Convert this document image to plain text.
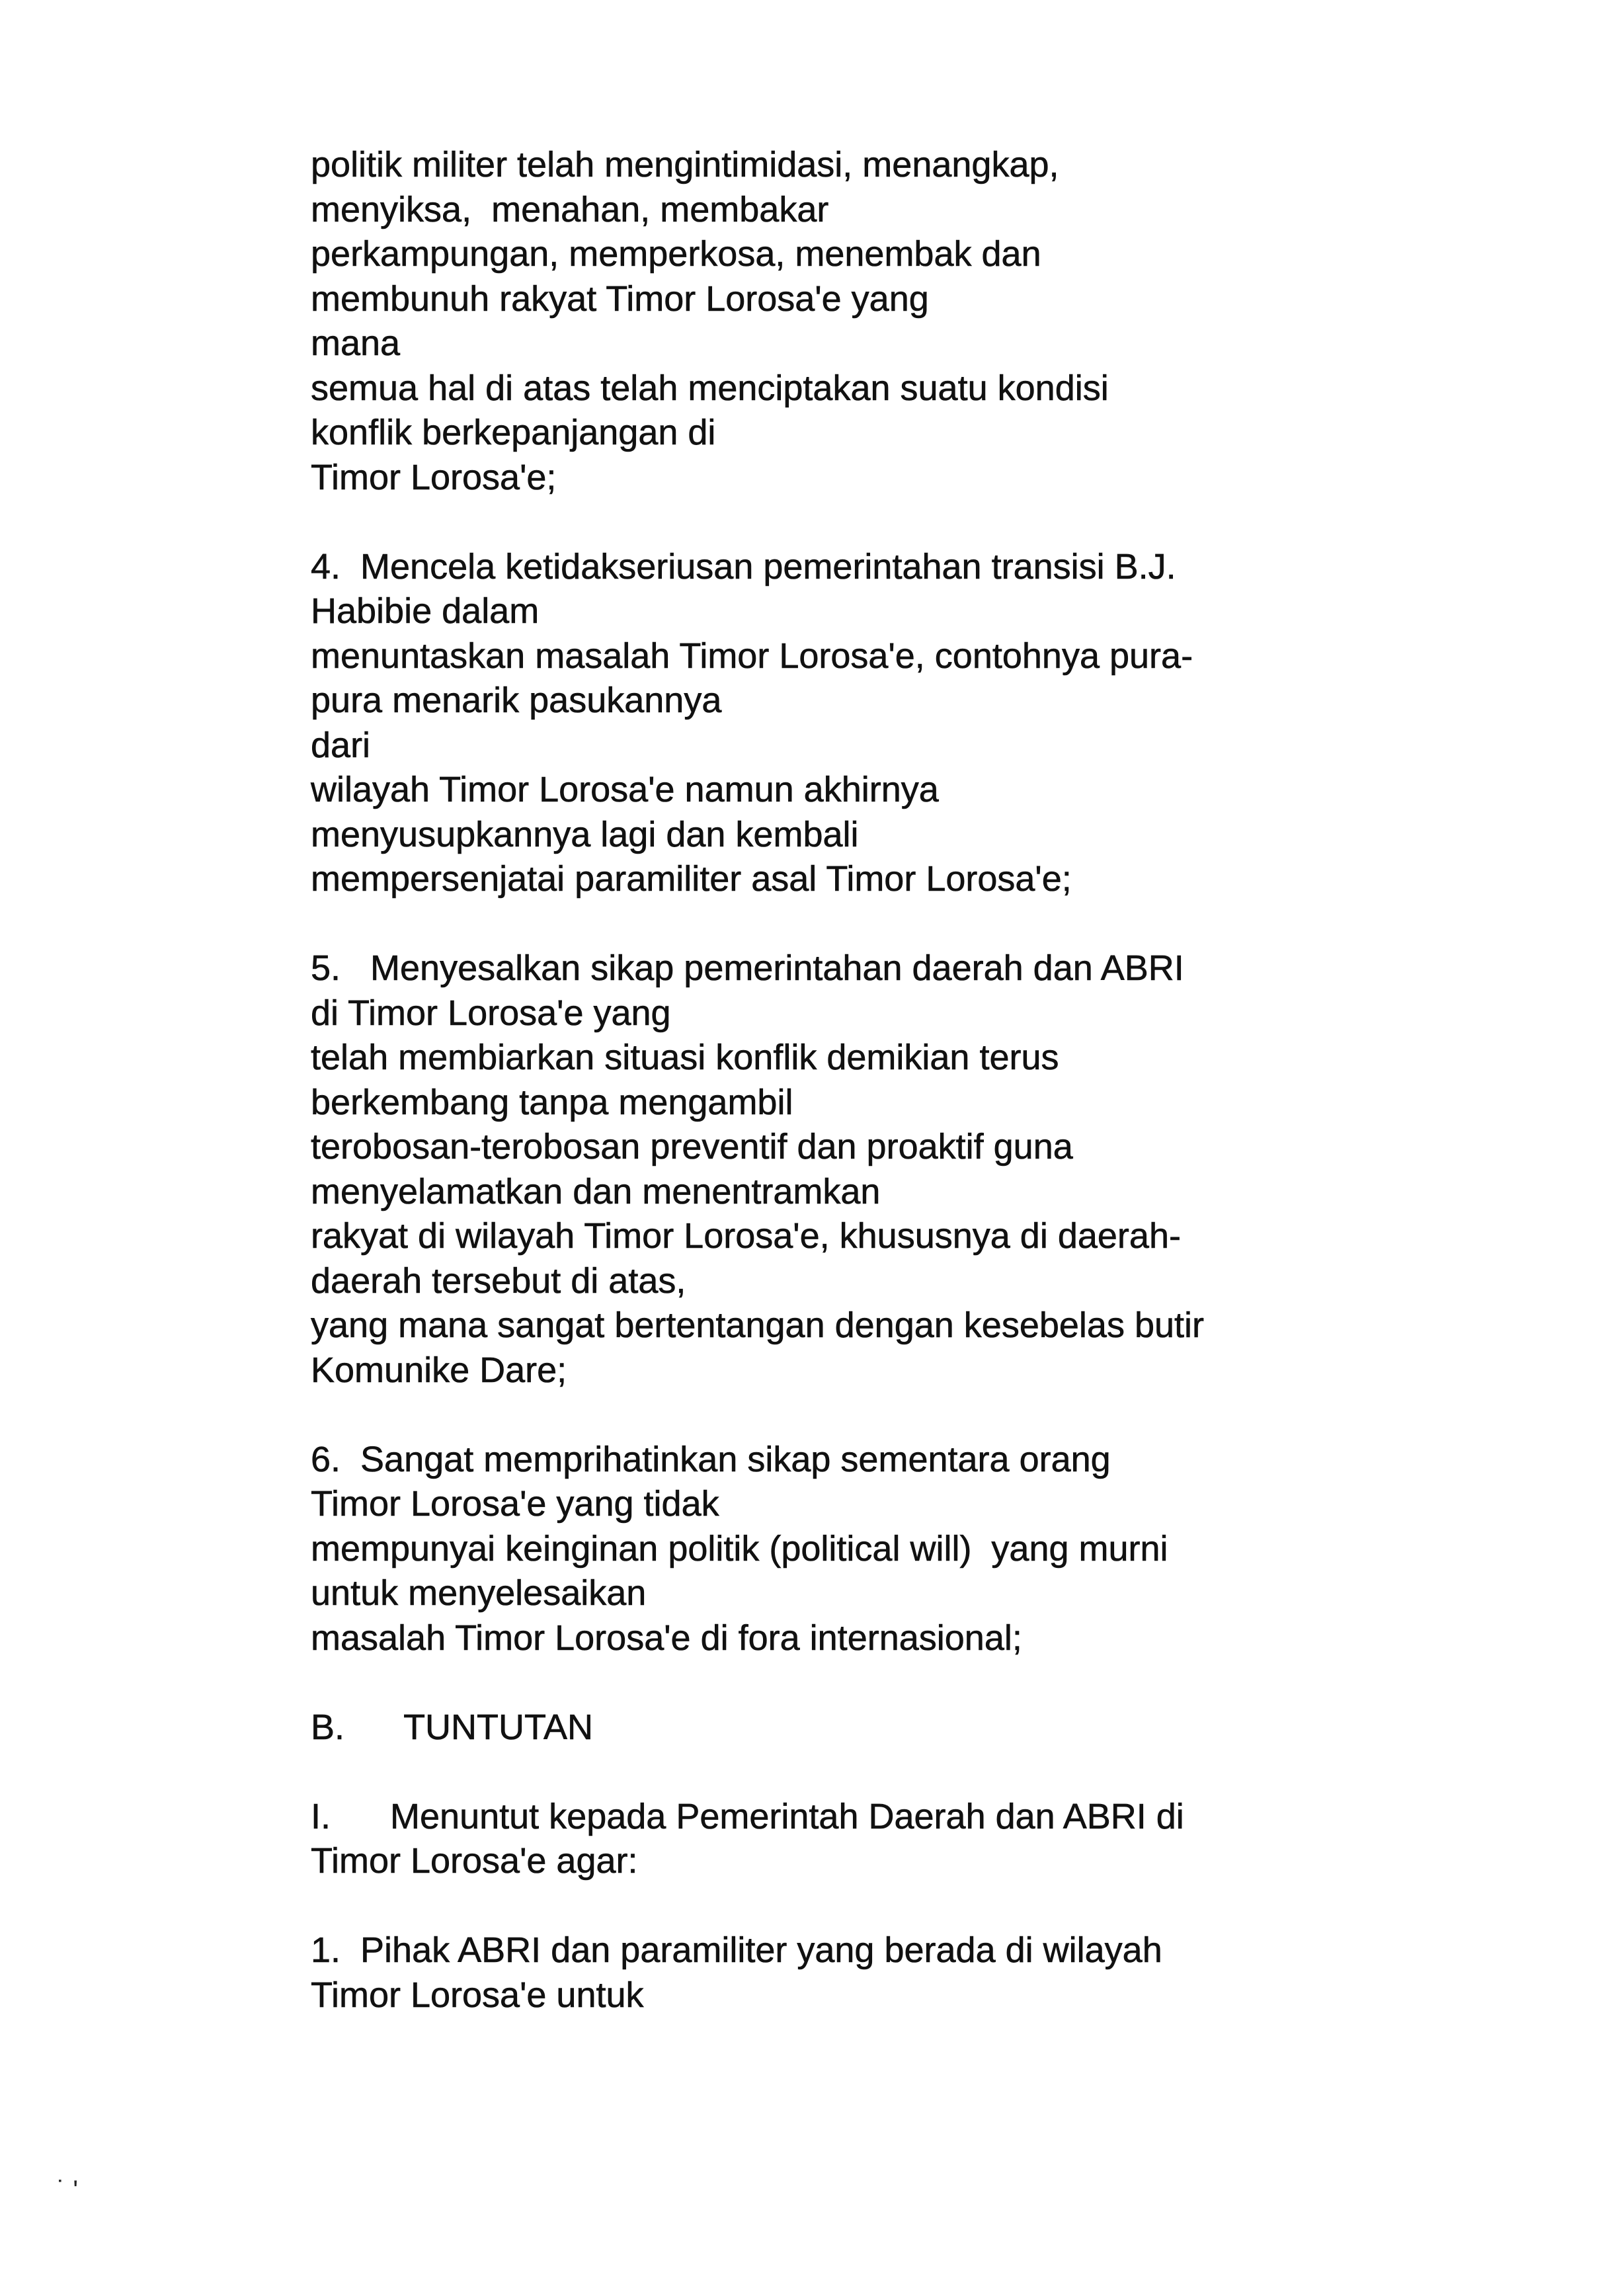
politik militer telah mengintimidasi, menangkap,
menyiksa,  menahan, membakar
perkampungan, memperkosa, menembak dan
membunuh rakyat Timor Lorosa'e yang
mana
semua hal di atas telah menciptakan suatu kondisi
konflik berkepanjangan di
Timor Lorosa'e;

4.  Mencela ketidakseriusan pemerintahan transisi B.J.
Habibie dalam
menuntaskan masalah Timor Lorosa'e, contohnya pura-
pura menarik pasukannya
dari
wilayah Timor Lorosa'e namun akhirnya
menyusupkannya lagi dan kembali
mempersenjatai paramiliter asal Timor Lorosa'e;

5.   Menyesalkan sikap pemerintahan daerah dan ABRI
di Timor Lorosa'e yang
telah membiarkan situasi konflik demikian terus
berkembang tanpa mengambil
terobosan-terobosan preventif dan proaktif guna
menyelamatkan dan menentramkan
rakyat di wilayah Timor Lorosa'e, khususnya di daerah-
daerah tersebut di atas,
yang mana sangat bertentangan dengan kesebelas butir
Komunike Dare;

6.  Sangat memprihatinkan sikap sementara orang
Timor Lorosa'e yang tidak
mempunyai keinginan politik (political will)  yang murni
untuk menyelesaikan
masalah Timor Lorosa'e di fora internasional;

B.      TUNTUTAN

I.      Menuntut kepada Pemerintah Daerah dan ABRI di
Timor Lorosa'e agar:

1.  Pihak ABRI dan paramiliter yang berada di wilayah
Timor Lorosa'e untuk

˙ ʹ
